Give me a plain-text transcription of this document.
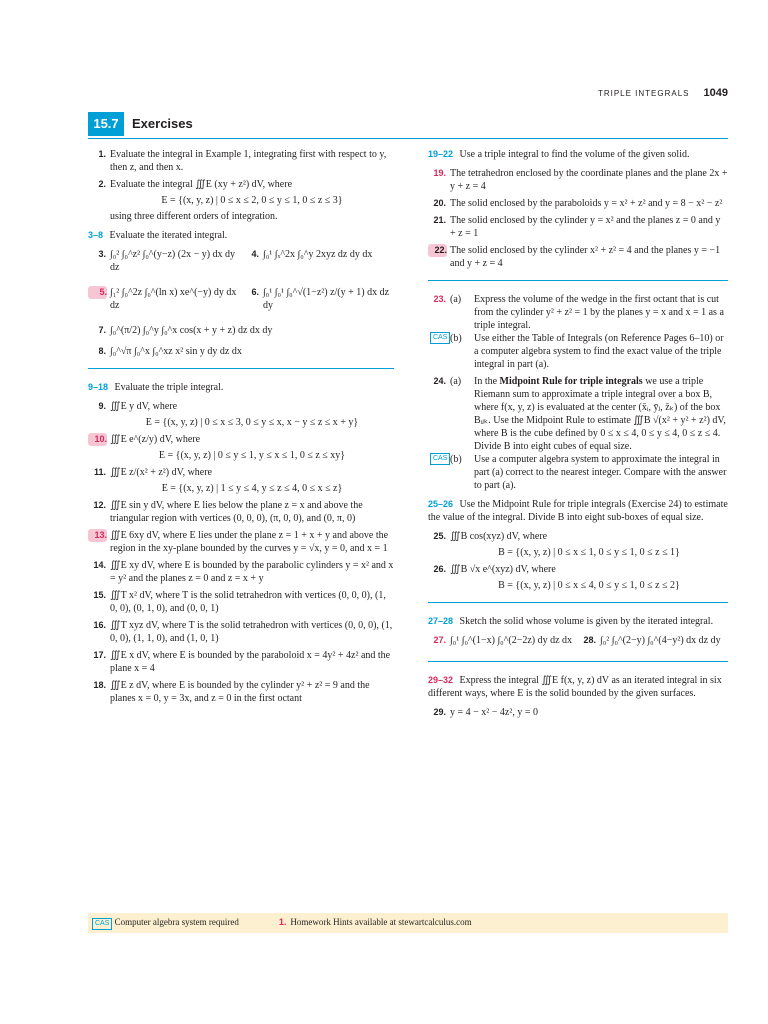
TRIPLE INTEGRALS 1049
15.7	Exercises
1. Evaluate the integral in Example 1, integrating first with respect to y, then z, and then x.
2. Evaluate the integral ∭E (xy + z²) dV, where
E = {(x, y, z) | 0 ≤ x ≤ 2, 0 ≤ y ≤ 1, 0 ≤ z ≤ 3}
using three different orders of integration.
3–8 Evaluate the iterated integral.
3. ∫₀² ∫₀^z² ∫₀^(y−z) (2x − y) dx dy dz
4. ∫₀¹ ∫ₓ^2x ∫₀^y 2xyz dz dy dx
5. ∫₁² ∫₀^2z ∫₀^(ln x) xe^(−y) dy dx dz
6. ∫₀¹ ∫₀¹ ∫₀^√(1−z²) z/(y + 1) dx dz dy
7. ∫₀^(π/2) ∫₀^y ∫₀^x cos(x + y + z) dz dx dy
8. ∫₀^√π ∫₀^x ∫₀^xz x² sin y dy dz dx
9–18 Evaluate the triple integral.
9. ∭E y dV, where
E = {(x, y, z) | 0 ≤ x ≤ 3, 0 ≤ y ≤ x, x − y ≤ z ≤ x + y}
10. ∭E e^(z/y) dV, where
E = {(x, y, z) | 0 ≤ y ≤ 1, y ≤ x ≤ 1, 0 ≤ z ≤ xy}
11. ∭E z/(x² + z²) dV, where
E = {(x, y, z) | 1 ≤ y ≤ 4, y ≤ z ≤ 4, 0 ≤ x ≤ z}
12. ∭E sin y dV, where E lies below the plane z = x and above the triangular region with vertices (0, 0, 0), (π, 0, 0), and (0, π, 0)
13. ∭E 6xy dV, where E lies under the plane z = 1 + x + y and above the region in the xy-plane bounded by the curves y = √x, y = 0, and x = 1
14. ∭E xy dV, where E is bounded by the parabolic cylinders y = x² and x = y² and the planes z = 0 and z = x + y
15. ∭T x² dV, where T is the solid tetrahedron with vertices (0, 0, 0), (1, 0, 0), (0, 1, 0), and (0, 0, 1)
16. ∭T xyz dV, where T is the solid tetrahedron with vertices (0, 0, 0), (1, 0, 0), (1, 1, 0), and (1, 0, 1)
17. ∭E x dV, where E is bounded by the paraboloid x = 4y² + 4z² and the plane x = 4
18. ∭E z dV, where E is bounded by the cylinder y² + z² = 9 and the planes x = 0, y = 3x, and z = 0 in the first octant
19–22 Use a triple integral to find the volume of the given solid.
19. The tetrahedron enclosed by the coordinate planes and the plane 2x + y + z = 4
20. The solid enclosed by the paraboloids y = x² + z² and y = 8 − x² − z²
21. The solid enclosed by the cylinder y = x² and the planes z = 0 and y + z = 1
22. The solid enclosed by the cylinder x² + z² = 4 and the planes y = −1 and y + z = 4
23. (a)	Express the volume of the wedge in the first octant that is cut from the cylinder y² + z² = 1 by the planes y = x and x = 1 as a triple integral.
CAS (b)	Use either the Table of Integrals (on Reference Pages 6–10) or a computer algebra system to find the exact value of the triple integral in part (a).
24. (a)	In the Midpoint Rule for triple integrals we use a triple Riemann sum to approximate a triple integral over a box B, where f(x, y, z) is evaluated at the center (x̄ᵢ, ȳⱼ, z̄ₖ) of the box Bᵢⱼₖ. Use the Midpoint Rule to estimate ∭B √(x² + y² + z²) dV, where B is the cube defined by 0 ≤ x ≤ 4, 0 ≤ y ≤ 4, 0 ≤ z ≤ 4. Divide B into eight cubes of equal size.
CAS (b)	Use a computer algebra system to approximate the integral in part (a) correct to the nearest integer. Compare with the answer to part (a).
25–26 Use the Midpoint Rule for triple integrals (Exercise 24) to estimate the value of the integral. Divide B into eight sub-boxes of equal size.
25. ∭B cos(xyz) dV, where
B = {(x, y, z) | 0 ≤ x ≤ 1, 0 ≤ y ≤ 1, 0 ≤ z ≤ 1}
26. ∭B √x e^(xyz) dV, where
B = {(x, y, z) | 0 ≤ x ≤ 4, 0 ≤ y ≤ 1, 0 ≤ z ≤ 2}
27–28 Sketch the solid whose volume is given by the iterated integral.
27. ∫₀¹ ∫₀^(1−x) ∫₀^(2−2z) dy dz dx	28. ∫₀² ∫₀^(2−y) ∫₀^(4−y²) dx dz dy
29–32 Express the integral ∭E f(x, y, z) dV as an iterated integral in six different ways, where E is the solid bounded by the given surfaces.
29. y = 4 − x² − 4z², y = 0
CAS Computer algebra system required	1. Homework Hints available at stewartcalculus.com
